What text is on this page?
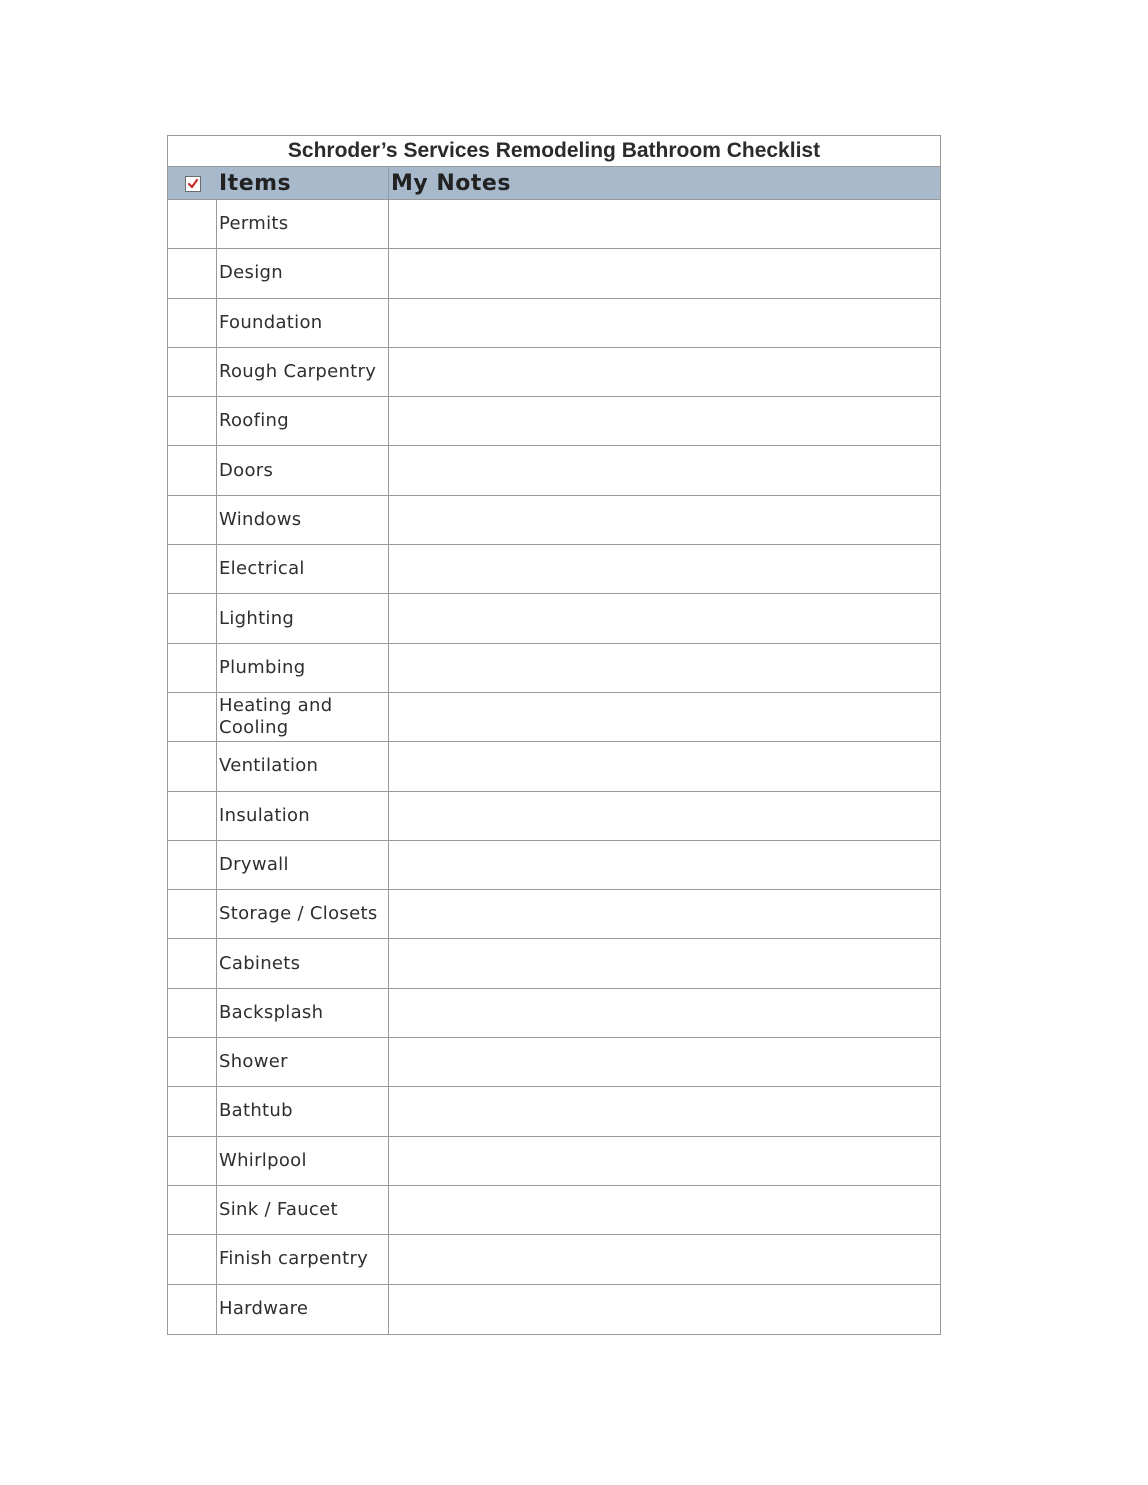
Schroder’s Services Remodeling Bathroom Checklist
Items	My Notes
Permits
Design
Foundation
Rough Carpentry
Roofing
Doors
Windows
Electrical
Lighting
Plumbing
Heating and Cooling
Ventilation
Insulation
Drywall
Storage / Closets
Cabinets
Backsplash
Shower
Bathtub
Whirlpool
Sink / Faucet
Finish carpentry
Hardware
